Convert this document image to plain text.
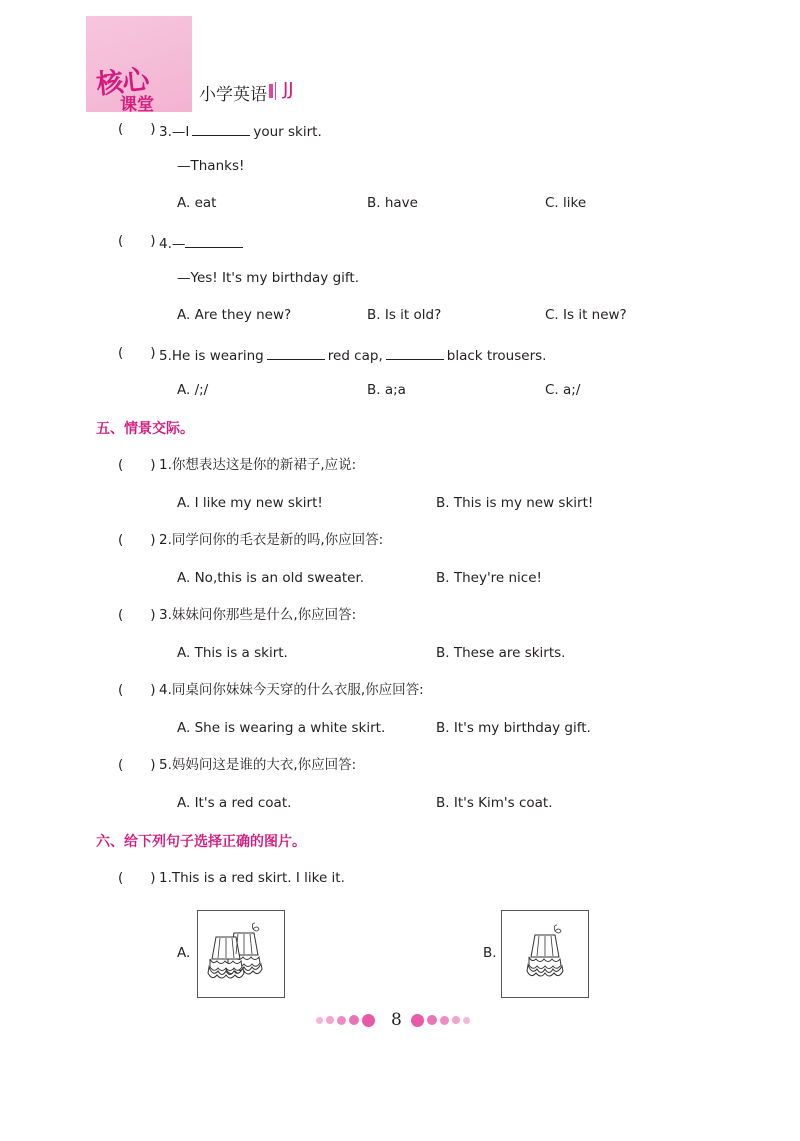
核心
课堂	小学英语 JJ
(　　) 3.—I	your skirt.
—Thanks!
A. eat	B. have	C. like
(　　) 4.—
—Yes! It's my birthday gift.
A. Are they new?	B. Is it old?	C. Is it new?
(　　) 5.He is wearing	red cap,	black trousers.
A. /;/	B. a;a	C. a;/
五、情景交际。
(　　) 1.你想表达这是你的新裙子,应说:
A. I like my new skirt!	B. This is my new skirt!
(　　) 2.同学问你的毛衣是新的吗,你应回答:
A. No,this is an old sweater.	B. They're nice!
(　　) 3.妹妹问你那些是什么,你应回答:
A. This is a skirt.	B. These are skirts.
(　　) 4.同桌问你妹妹今天穿的什么衣服,你应回答:
A. She is wearing a white skirt.	B. It's my birthday gift.
(　　) 5.妈妈问这是谁的大衣,你应回答:
A. It's a red coat.	B. It's Kim's coat.
六、给下列句子选择正确的图片。
(　　) 1.This is a red skirt. I like it.
A.	B.
8
